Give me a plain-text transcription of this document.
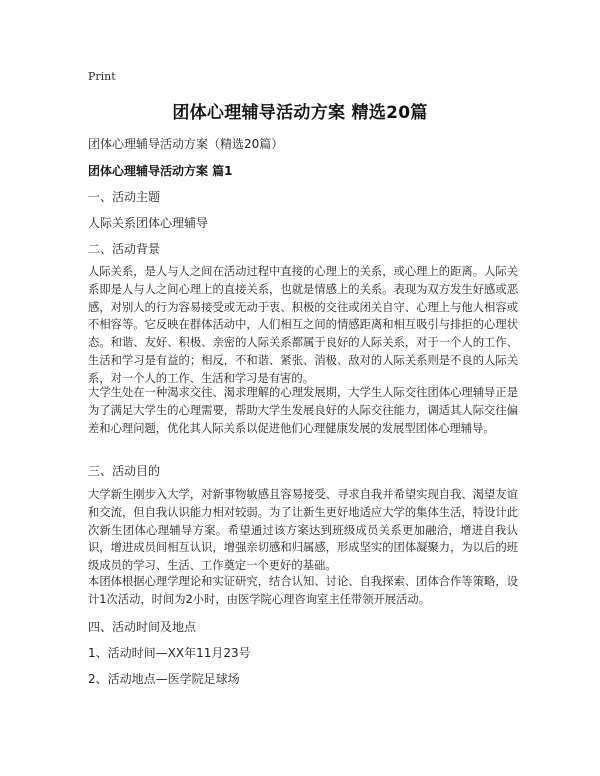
Print
团体心理辅导活动方案 精选20篇
团体心理辅导活动方案（精选20篇）
团体心理辅导活动方案 篇1
一、活动主题
人际关系团体心理辅导
二、活动背景
人际关系，是人与人之间在活动过程中直接的心理上的关系，或心理上的距离。人际关系即是人与人之间心理上的直接关系，也就是情感上的关系。表现为双方发生好感或恶感，对别人的行为容易接受或无动于衷、积极的交往或闭关自守、心理上与他人相容或不相容等。它反映在群体活动中，人们相互之间的情感距离和相互吸引与排拒的心理状态。和谐、友好、积极、亲密的人际关系都属于良好的人际关系，对于一个人的工作、生活和学习是有益的；相反，不和谐、紧张、消极、敌对的人际关系则是不良的人际关系，对一个人的工作、生活和学习是有害的。
大学生处在一种渴求交往、渴求理解的心理发展期，大学生人际交往团体心理辅导正是为了满足大学生的心理需要，帮助大学生发展良好的人际交往能力，调适其人际交往偏差和心理问题，优化其人际关系以促进他们心理健康发展的发展型团体心理辅导。
三、活动目的
大学新生刚步入大学，对新事物敏感且容易接受、寻求自我并希望实现自我、渴望友谊和交流，但自我认识能力相对较弱。为了让新生更好地适应大学的集体生活，特设计此次新生团体心理辅导方案。希望通过该方案达到班级成员关系更加融洽，增进自我认识，增进成员间相互认识，增强亲切感和归属感，形成坚实的团体凝聚力，为以后的班级成员的学习、生活、工作奠定一个更好的基础。
本团体根据心理学理论和实证研究，结合认知、讨论、自我探索、团体合作等策略，设计1次活动，时间为2小时，由医学院心理咨询室主任带领开展活动。
四、活动时间及地点
1、活动时间—XX年11月23号
2、活动地点—医学院足球场
